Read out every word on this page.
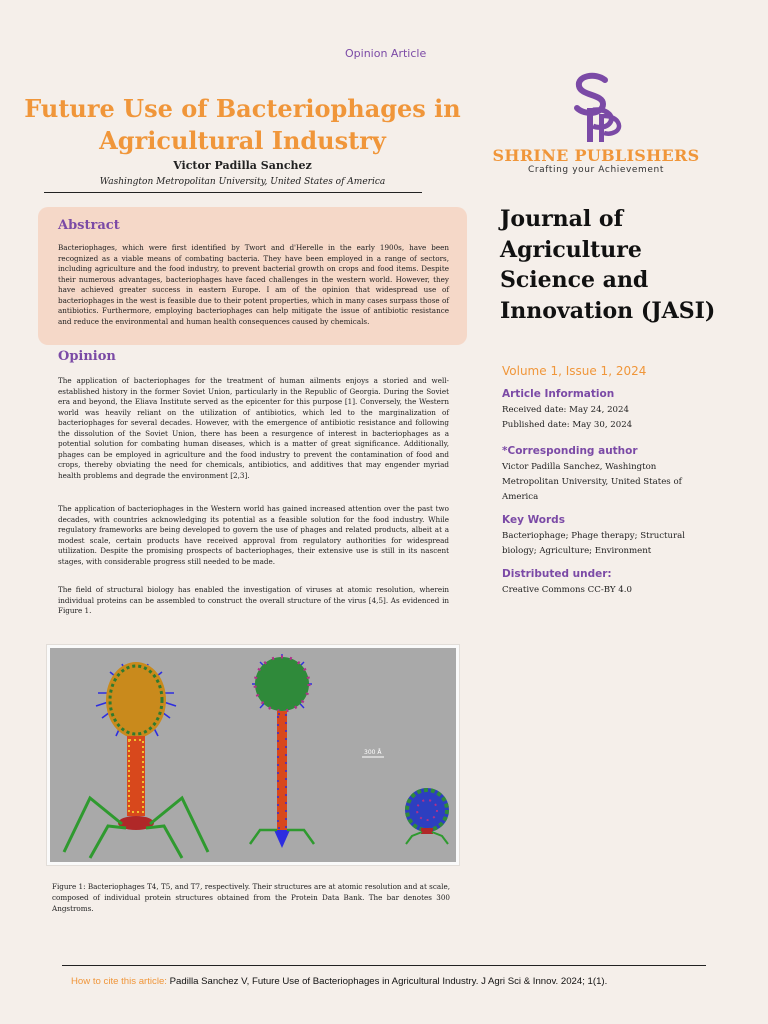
Opinion Article
Future Use of Bacteriophages in Agricultural Industry
Victor Padilla Sanchez
Washington Metropolitan University, United States of America
SHRINE PUBLISHERS
Crafting your Achievement
Abstract
Bacteriophages, which were first identified by Twort and d'Herelle in the early 1900s, have been recognized as a viable means of combating bacteria. They have been employed in a range of sectors, including agriculture and the food industry, to prevent bacterial growth on crops and food items. Despite their numerous advantages, bacteriophages have faced challenges in the western world. However, they have achieved greater success in eastern Europe. I am of the opinion that widespread use of bacteriophages in the west is feasible due to their potent properties, which in many cases surpass those of antibiotics. Furthermore, employing bacteriophages can help mitigate the issue of antibiotic resistance and reduce the environmental and human health consequences caused by chemicals.
Opinion
The application of bacteriophages for the treatment of human ailments enjoys a storied and well-established history in the former Soviet Union, particularly in the Republic of Georgia. During the Soviet era and beyond, the Eliava Institute served as the epicenter for this purpose [1]. Conversely, the Western world was heavily reliant on the utilization of antibiotics, which led to the marginalization of bacteriophages for several decades. However, with the emergence of antibiotic resistance and following the dissolution of the Soviet Union, there has been a resurgence of interest in bacteriophages as a potential solution for combating human diseases, which is a matter of great significance. Additionally, phages can be employed in agriculture and the food industry to prevent the contamination of food and crops, thereby obviating the need for chemicals, antibiotics, and additives that may engender myriad health problems and degrade the environment [2,3].
The application of bacteriophages in the Western world has gained increased attention over the past two decades, with countries acknowledging its potential as a feasible solution for the food industry. While regulatory frameworks are being developed to govern the use of phages and related products, albeit at a modest scale, certain products have received approval from regulatory authorities for widespread utilization. Despite the promising prospects of bacteriophages, their extensive use is still in its nascent stages, with considerable progress still needed to be made.
The field of structural biology has enabled the investigation of viruses at atomic resolution, wherein individual proteins can be assembled to construct the overall structure of the virus [4,5]. As evidenced in Figure 1.
300 Å
Figure 1: Bacteriophages T4, T5, and T7, respectively. Their structures are at atomic resolution and at scale, composed of individual protein structures obtained from the Protein Data Bank. The bar denotes 300 Angstroms.
Journal of Agriculture Science and Innovation (JASI)
Volume 1, Issue 1, 2024
Article Information
Received date: May 24, 2024
Published date: May 30, 2024
*Corresponding author
Victor Padilla Sanchez, Washington Metropolitan University, United States of America
Key Words
Bacteriophage; Phage therapy; Structural biology; Agriculture; Environment
Distributed under:
Creative Commons CC-BY 4.0
How to cite this article: Padilla Sanchez V, Future Use of Bacteriophages in Agricultural Industry. J Agri Sci & Innov. 2024; 1(1).
